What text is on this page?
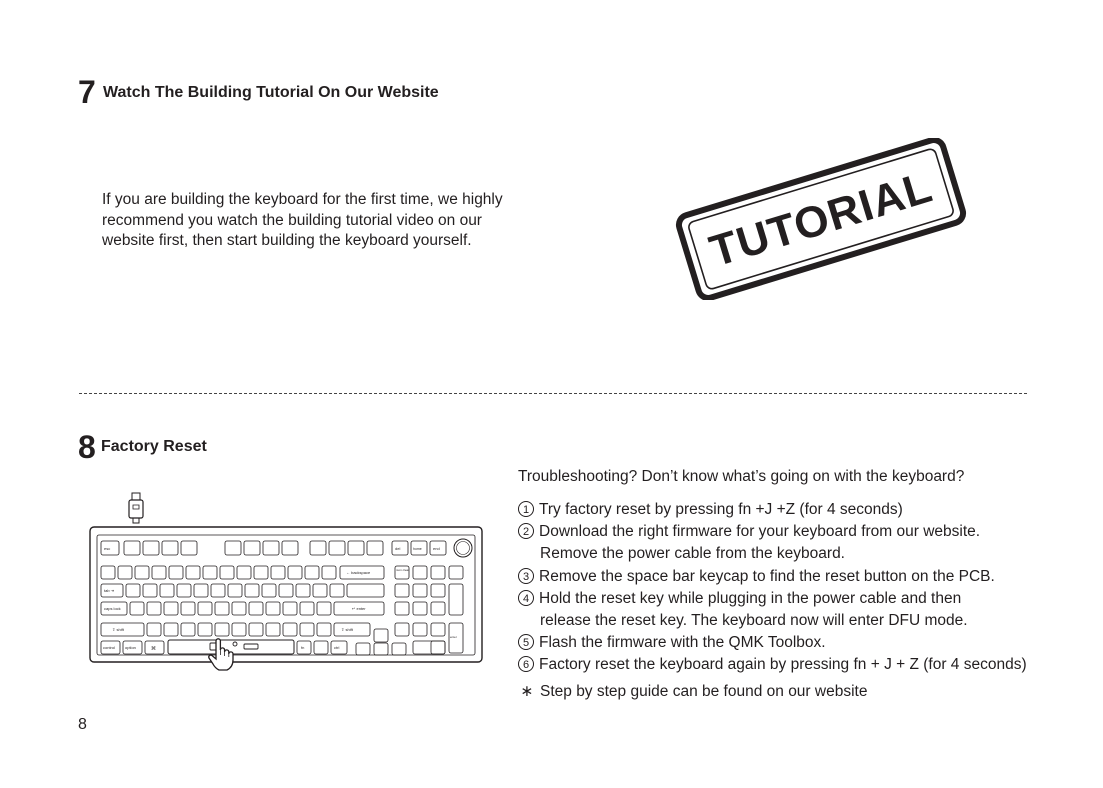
7 Watch The Building Tutorial On Our Website
If you are building the keyboard for the first time, we highly
recommend you watch the building tutorial video on our
website first, then start building the keyboard yourself.	TUTORIAL
8 Factory Reset
esc	del	home	end
← backspace	num clear
tab ⇥
caps lock	↵ enter
⇧ shift	⇧ shift
enter
control option	⌘	fn	ctrl
Troubleshooting? Don’t know what’s going on with the keyboard?
1 Try factory reset by pressing fn +J +Z (for 4 seconds)
2 Download the right firmware for your keyboard from our website.
Remove the power cable from the keyboard.
3 Remove the space bar keycap to find the reset button on the PCB.
4 Hold the reset key while plugging in the power cable and then
release the reset key. The keyboard now will enter DFU mode.
5 Flash the firmware with the QMK Toolbox.
6 Factory reset the keyboard again by pressing fn + J + Z (for 4 seconds)
∗ Step by step guide can be found on our website
8
